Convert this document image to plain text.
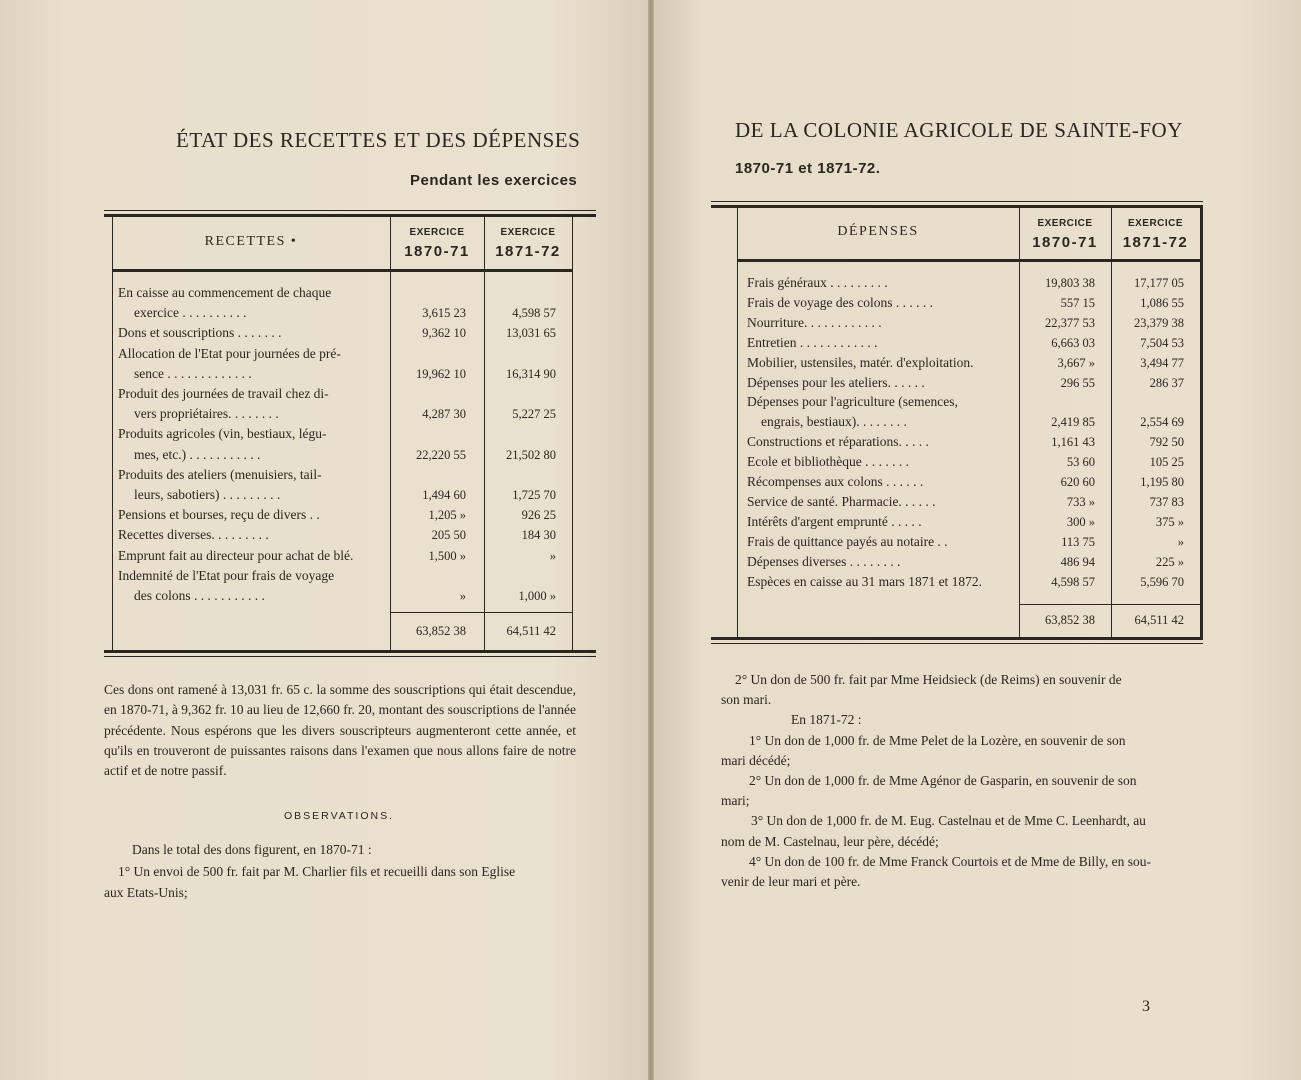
ÉTAT DES RECETTES ET DES DÉPENSES
Pendant les exercices
RECETTES •
EXERCICE
1870-71
EXERCICE
1871-72
En caisse au commencement de chaque
exercice . . . . . . . . . .	3,615 23	4,598 57
Dons et souscriptions . . . . . . .	9,362 10	13,031 65
Allocation de l'Etat pour journées de pré-
sence . . . . . . . . . . . . .	19,962 10	16,314 90
Produit des journées de travail chez di-
vers propriétaires. . . . . . . .	4,287 30	5,227 25
Produits agricoles (vin, bestiaux, légu-
mes, etc.) . . . . . . . . . . .	22,220 55	21,502 80
Produits des ateliers (menuisiers, tail-
leurs, sabotiers) . . . . . . . . .	1,494 60	1,725 70
Pensions et bourses, reçu de divers . .	1,205 »	926 25
Recettes diverses. . . . . . . . .	205 50	184 30
Emprunt fait au directeur pour achat de blé.	1,500 »	»
Indemnité de l'Etat pour frais de voyage
des colons . . . . . . . . . . .	»	1,000 »
63,852 38	64,511 42
Ces dons ont ramené à 13,031 fr. 65 c. la somme des souscriptions qui était descendue, en 1870-71, à 9,362 fr. 10 au lieu de 12,660 fr. 20, montant des souscriptions de l'année précédente. Nous espérons que les divers souscripteurs augmenteront cette année, et qu'ils en trouveront de puissantes raisons dans l'examen que nous allons faire de notre actif et de notre passif.
OBSERVATIONS.
Dans le total des dons figurent, en 1870-71 :
1° Un envoi de 500 fr. fait par M. Charlier fils et recueilli dans son Eglise
aux Etats-Unis;
DE LA COLONIE AGRICOLE DE SAINTE-FOY
1870-71 et 1871-72.
DÉPENSES
EXERCICE
1870-71
EXERCICE
1871-72
Frais généraux . . . . . . . . .	19,803 38	17,177 05
Frais de voyage des colons . . . . . .	557 15	1,086 55
Nourriture. . . . . . . . . . . .	22,377 53	23,379 38
Entretien . . . . . . . . . . . .	6,663 03	7,504 53
Mobilier, ustensiles, matér. d'exploitation.	3,667 »	3,494 77
Dépenses pour les ateliers. . . . . .	296 55	286 37
Dépenses pour l'agriculture (semences,
engrais, bestiaux). . . . . . . .	2,419 85	2,554 69
Constructions et réparations. . . . .	1,161 43	792 50
Ecole et bibliothèque . . . . . . .	53 60	105 25
Récompenses aux colons . . . . . .	620 60	1,195 80
Service de santé. Pharmacie. . . . . .	733 »	737 83
Intérêts d'argent emprunté . . . . .	300 »	375 »
Frais de quittance payés au notaire . .	113 75	»
Dépenses diverses . . . . . . . .	486 94	225 »
Espèces en caisse au 31 mars 1871 et 1872.	4,598 57	5,596 70
63,852 38	64,511 42
2° Un don de 500 fr. fait par Mme Heidsieck (de Reims) en souvenir de
son mari.
En 1871-72 :
1° Un don de 1,000 fr. de Mme Pelet de la Lozère, en souvenir de son
mari décédé;
2° Un don de 1,000 fr. de Mme Agénor de Gasparin, en souvenir de son
mari;
3° Un don de 1,000 fr. de M. Eug. Castelnau et de Mme C. Leenhardt, au
nom de M. Castelnau, leur père, décédé;
4° Un don de 100 fr. de Mme Franck Courtois et de Mme de Billy, en sou-
venir de leur mari et père.
3
